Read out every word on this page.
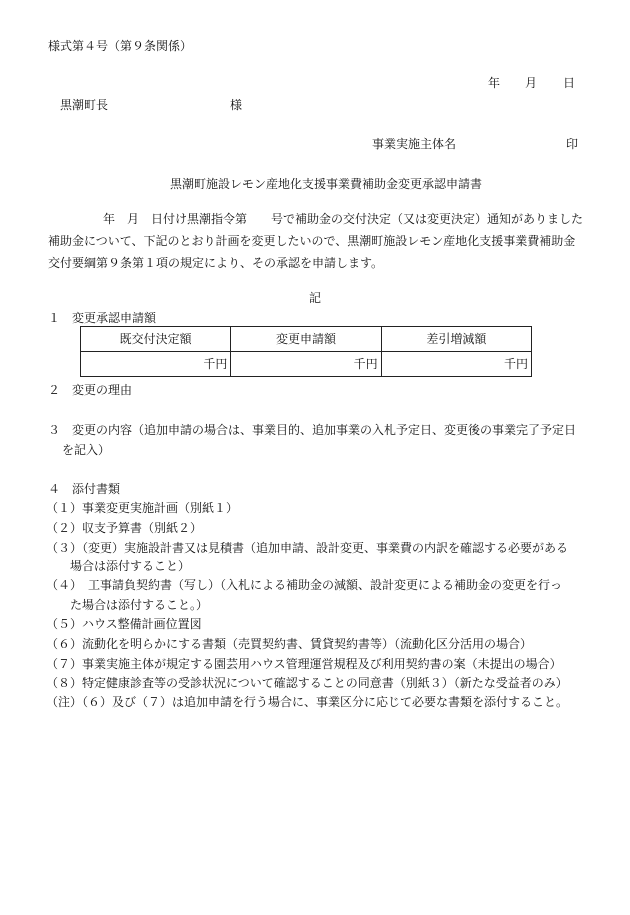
様式第４号（第９条関係）

年 月 日
黒潮町長	様
事業実施主体名	印
黒潮町施設レモン産地化支援事業費補助金変更承認申請書
年　月　日付け黒潮指令第　　号で補助金の交付決定（又は変更決定）通知がありました
補助金について、下記のとおり計画を変更したいので、黒潮町施設レモン産地化支援事業費補助金
交付要綱第９条第１項の規定により、その承認を申請します。
記
１　変更承認申請額
既交付決定額	変更申請額	差引増減額
千円	千円	千円
２　変更の理由
３　変更の内容（追加申請の場合は、事業目的、追加事業の入札予定日、変更後の事業完了予定日
を記入）
４　添付書類
（１）事業変更実施計画（別紙１）
（２）収支予算書（別紙２）
（３）（変更）実施設計書又は見積書（追加申請、設計変更、事業費の内訳を確認する必要がある
場合は添付すること）
（４）　工事請負契約書（写し）（入札による補助金の減額、設計変更による補助金の変更を行っ
た場合は添付すること。）
（５）ハウス整備計画位置図
（６）流動化を明らかにする書類（売買契約書、賃貸契約書等）（流動化区分活用の場合）
（７）事業実施主体が規定する園芸用ハウス管理運営規程及び利用契約書の案（未提出の場合）
（８）特定健康診査等の受診状況について確認することの同意書（別紙３）（新たな受益者のみ）
（注）（６）及び（７）は追加申請を行う場合に、事業区分に応じて必要な書類を添付すること。
